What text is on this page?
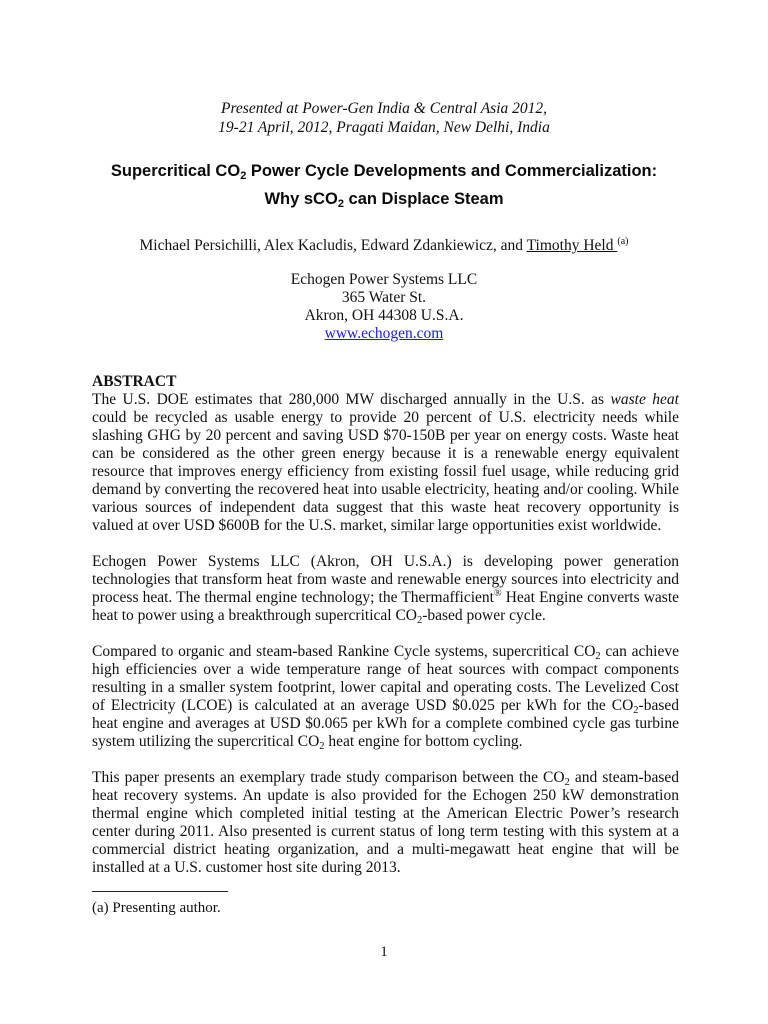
Presented at Power-Gen India & Central Asia 2012,
19-21 April, 2012, Pragati Maidan, New Delhi, India
Supercritical $CO_2$ Power Cycle Developments and Commercialization:
Why sCO$_2$ can Displace Steam
Michael Persichilli, Alex Kacludis, Edward Zdankiewicz, and Timothy Held $^{(a)}$
Echogen Power Systems LLC
365 Water St.
Akron, OH 44308 U.S.A.
www.echogen.com
ABSTRACT
The U.S. DOE estimates that 280,000 MW discharged annually in the U.S. as waste heat could be recycled as usable energy to provide 20 percent of U.S. electricity needs while slashing GHG by 20 percent and saving USD $70-150B per year on energy costs. Waste heat can be considered as the other green energy because it is a renewable energy equivalent resource that improves energy efficiency from existing fossil fuel usage, while reducing grid demand by converting the recovered heat into usable electricity, heating and/or cooling. While various sources of independent data suggest that this waste heat recovery opportunity is valued at over USD $600B for the U.S. market, similar large opportunities exist worldwide.
Echogen Power Systems LLC (Akron, OH U.S.A.) is developing power generation technologies that transform heat from waste and renewable energy sources into electricity and process heat. The thermal engine technology; the Thermafficient® Heat Engine converts waste heat to power using a breakthrough supercritical $CO_2$-based power cycle.
Compared to organic and steam-based Rankine Cycle systems, supercritical $CO_2$ can achieve high efficiencies over a wide temperature range of heat sources with compact components resulting in a smaller system footprint, lower capital and operating costs. The Levelized Cost of Electricity (LCOE) is calculated at an average USD $0.025 per kWh for the $CO_2$-based heat engine and averages at USD $0.065 per kWh for a complete combined cycle gas turbine system utilizing the supercritical $CO_2$ heat engine for bottom cycling.
This paper presents an exemplary trade study comparison between the $CO_2$ and steam-based heat recovery systems. An update is also provided for the Echogen 250 kW demonstration thermal engine which completed initial testing at the American Electric Power’s research center during 2011. Also presented is current status of long term testing with this system at a commercial district heating organization, and a multi-megawatt heat engine that will be installed at a U.S. customer host site during 2013.
(a) Presenting author.
1
